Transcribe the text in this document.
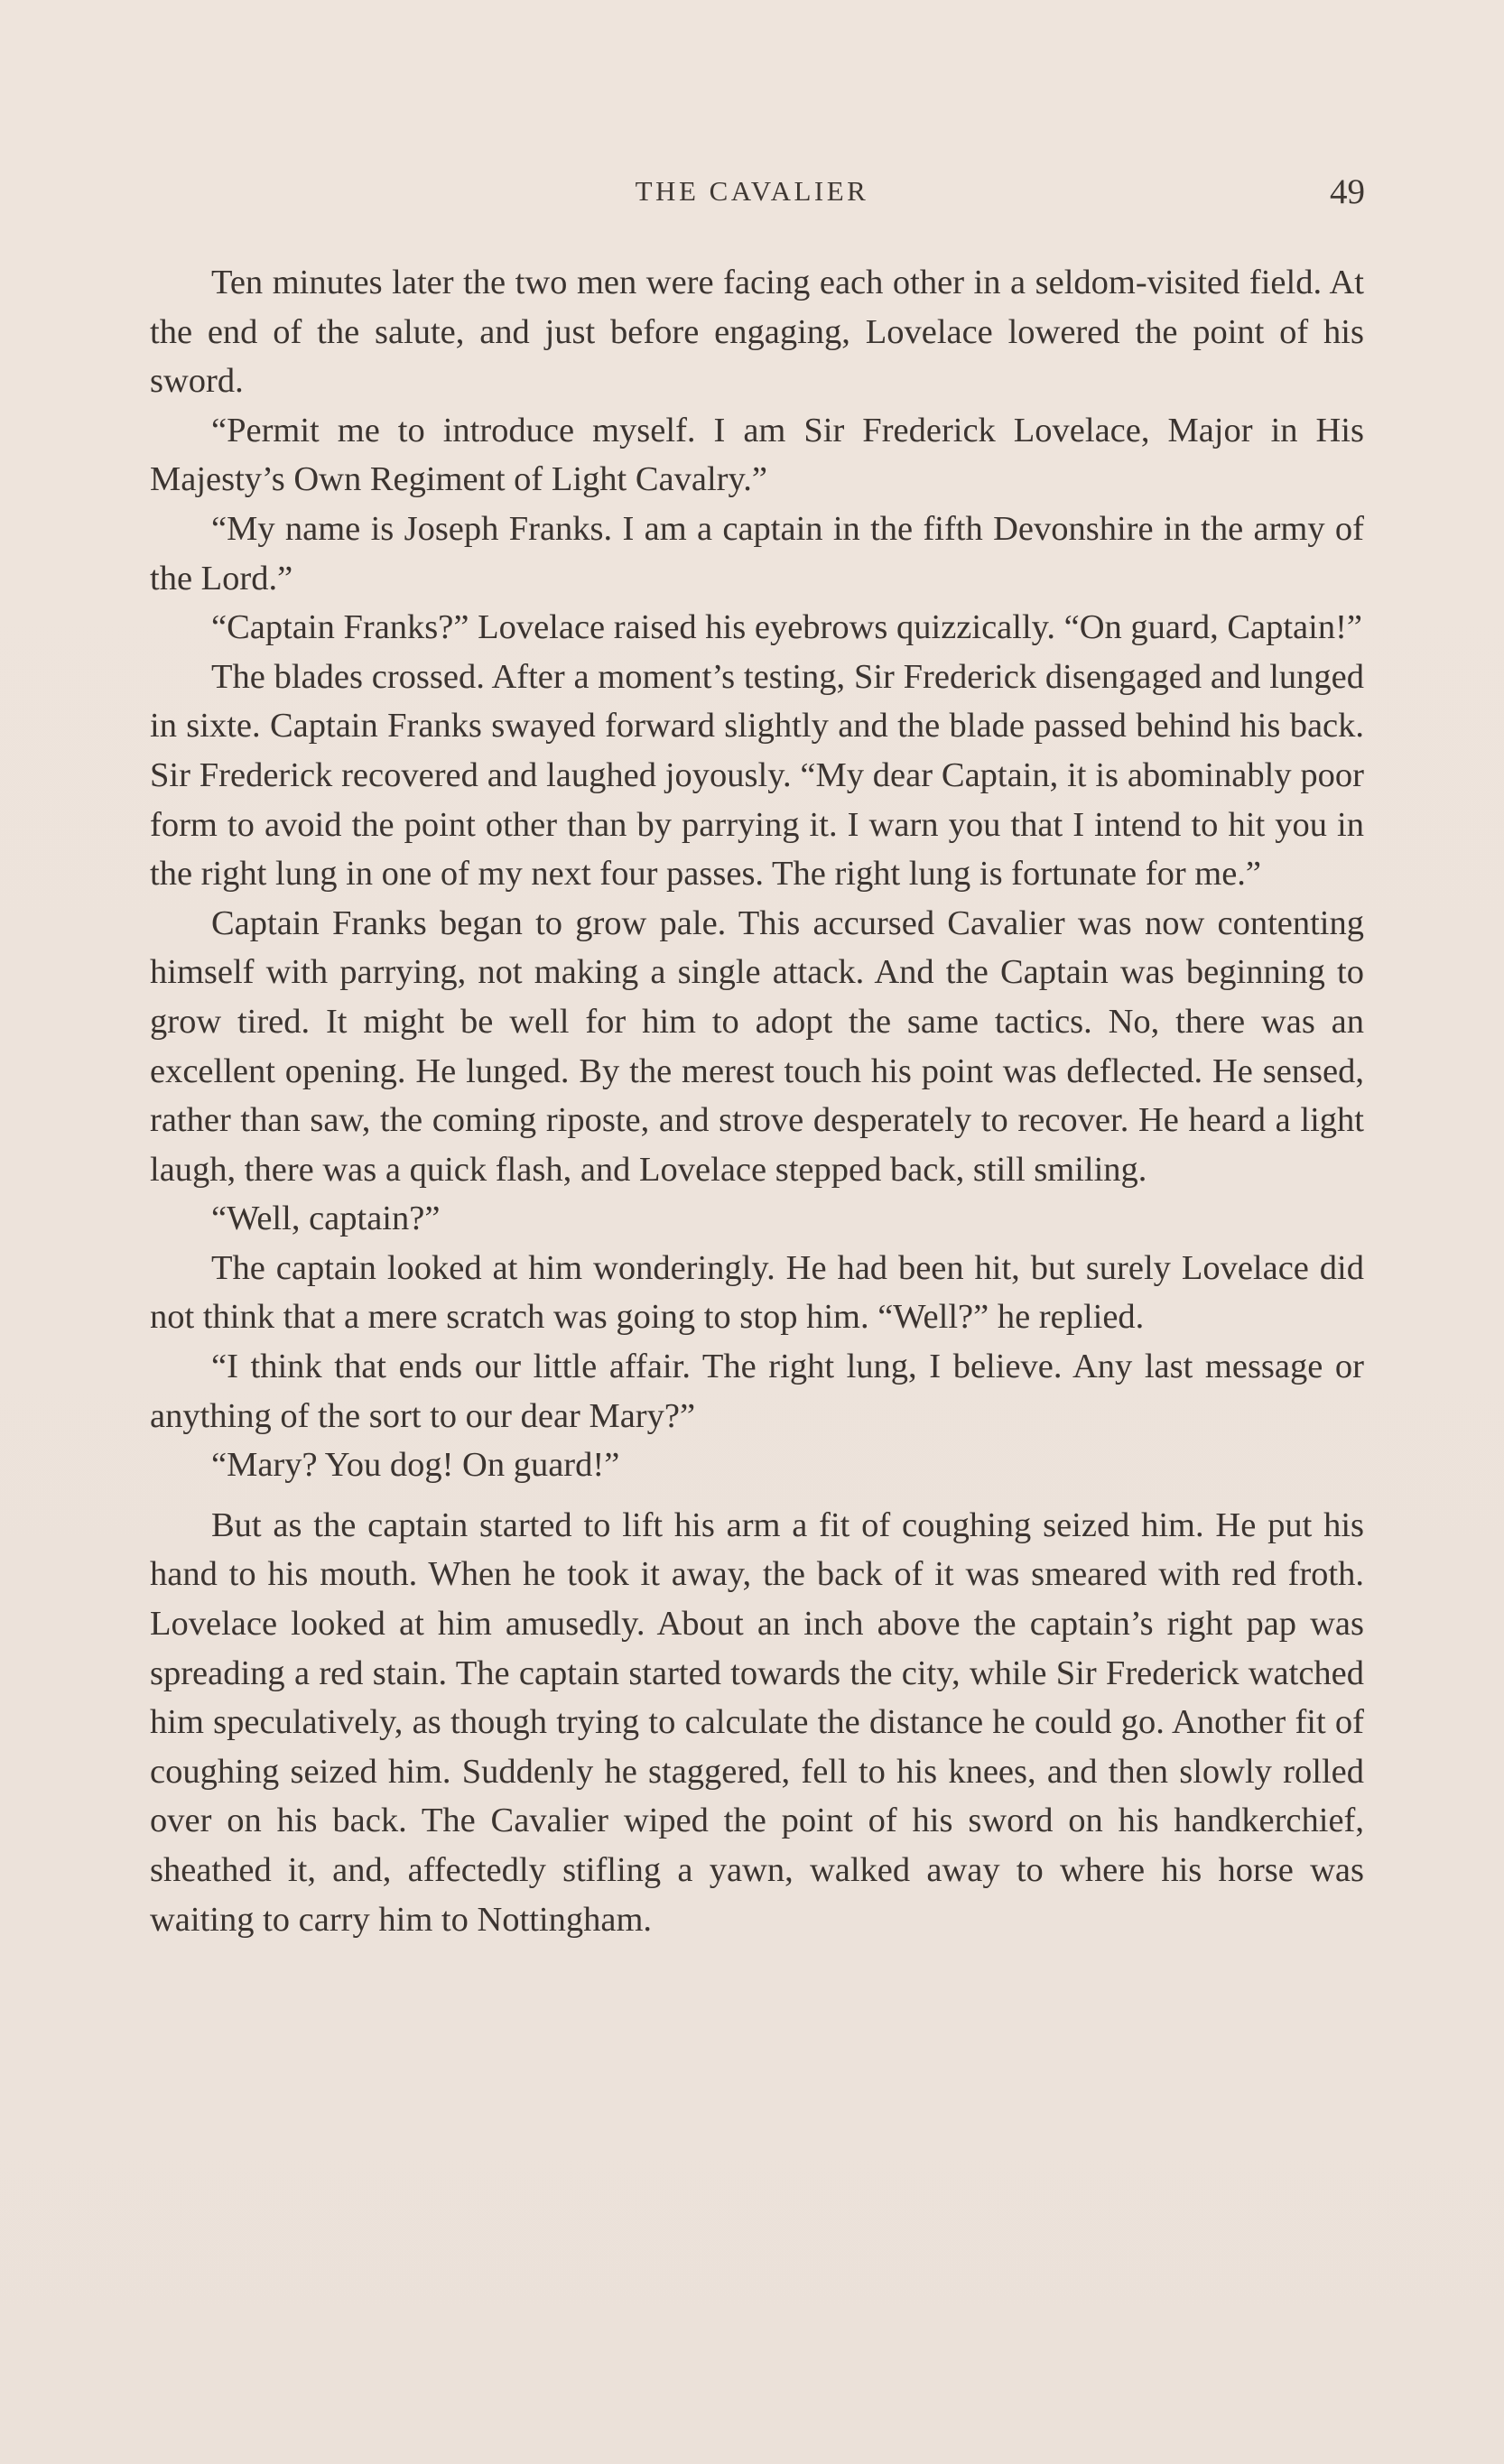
THE CAVALIER	49

Ten minutes later the two men were facing each other in a seldom-visited field. At the end of the salute, and just before engaging, Lovelace lowered the point of his sword.

“Permit me to introduce myself. I am Sir Frederick Lovelace, Major in His Majesty’s Own Regiment of Light Cavalry.”

“My name is Joseph Franks. I am a captain in the fifth Devonshire in the army of the Lord.”

“Captain Franks?” Lovelace raised his eyebrows quizzically. “On guard, Captain!”

The blades crossed. After a moment’s testing, Sir Frederick disengaged and lunged in sixte. Captain Franks swayed forward slightly and the blade passed behind his back. Sir Frederick recovered and laughed joyously. “My dear Captain, it is abominably poor form to avoid the point other than by parrying it. I warn you that I intend to hit you in the right lung in one of my next four passes. The right lung is fortunate for me.”

Captain Franks began to grow pale. This accursed Cavalier was now contenting himself with parrying, not making a single attack. And the Captain was beginning to grow tired. It might be well for him to adopt the same tactics. No, there was an excellent opening. He lunged. By the merest touch his point was deflected. He sensed, rather than saw, the coming riposte, and strove desperately to recover. He heard a light laugh, there was a quick flash, and Lovelace stepped back, still smiling.

“Well, captain?”

The captain looked at him wonderingly. He had been hit, but surely Lovelace did not think that a mere scratch was going to stop him. “Well?” he replied.

“I think that ends our little affair. The right lung, I believe. Any last message or anything of the sort to our dear Mary?”

“Mary? You dog! On guard!”

But as the captain started to lift his arm a fit of coughing seized him. He put his hand to his mouth. When he took it away, the back of it was smeared with red froth. Lovelace looked at him amusedly. About an inch above the captain’s right pap was spreading a red stain. The captain started towards the city, while Sir Frederick watched him speculatively, as though trying to calculate the distance he could go. Another fit of coughing seized him. Suddenly he staggered, fell to his knees, and then slowly rolled over on his back. The Cavalier wiped the point of his sword on his handkerchief, sheathed it, and, affectedly stifling a yawn, walked away to where his horse was waiting to carry him to Nottingham.
